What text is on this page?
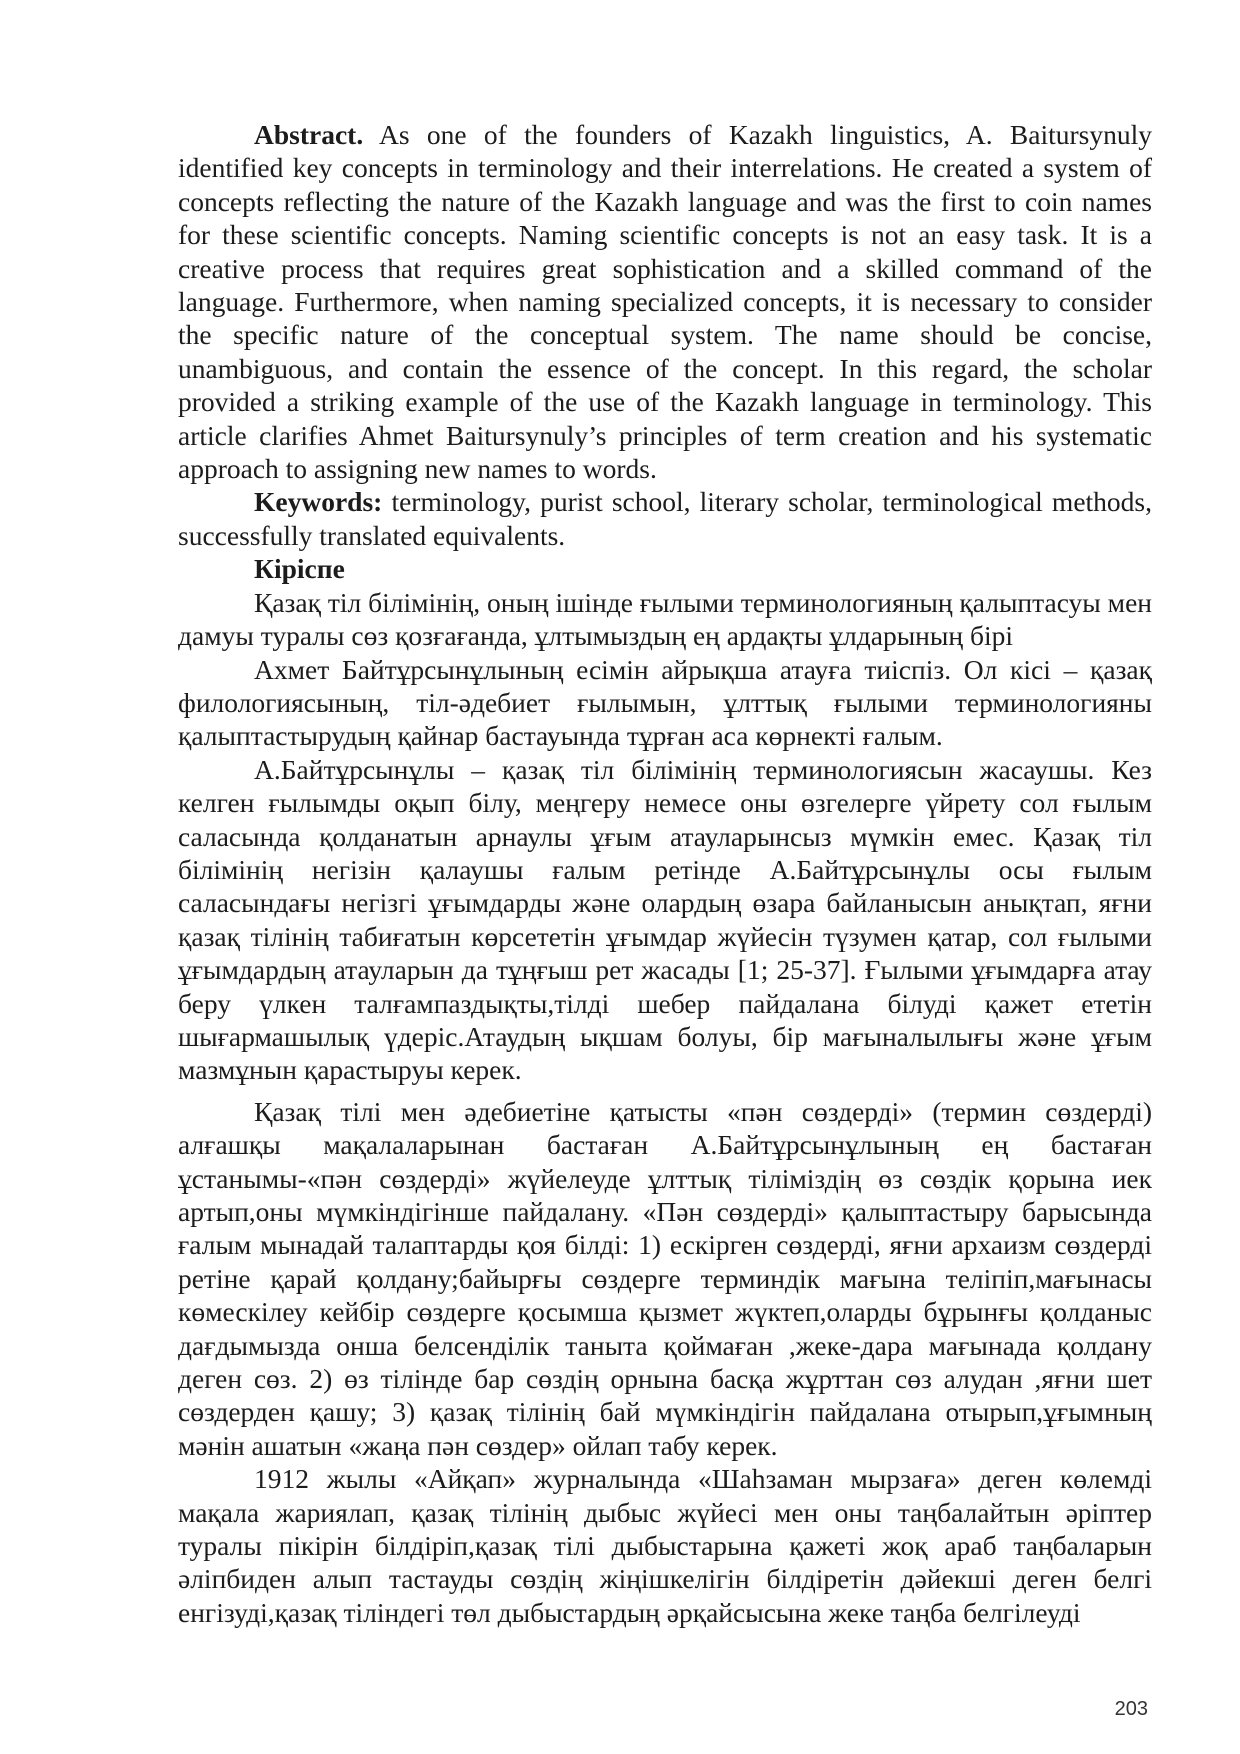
Abstract. As one of the founders of Kazakh linguistics, A. Baitursynuly identified key concepts in terminology and their interrelations. He created a system of concepts reflecting the nature of the Kazakh language and was the first to coin names for these scientific concepts. Naming scientific concepts is not an easy task. It is a creative process that requires great sophistication and a skilled command of the language. Furthermore, when naming specialized concepts, it is necessary to consider the specific nature of the conceptual system. The name should be concise, unambiguous, and contain the essence of the concept. In this regard, the scholar provided a striking example of the use of the Kazakh language in terminology. This article clarifies Ahmet Baitursynuly’s principles of term creation and his systematic approach to assigning new names to words.

Keywords: terminology, purist school, literary scholar, terminological methods, successfully translated equivalents.

Кіріспе

Қазақ тіл білімінің, оның ішінде ғылыми терминологияның қалыптасуы мен дамуы туралы сөз қозғағанда, ұлтымыздың ең ардақты ұлдарының бірі

Ахмет Байтұрсынұлының есімін айрықша атауға тиіспіз. Ол кісі – қазақ филологиясының, тіл-әдебиет ғылымын, ұлттық ғылыми терминологияны қалыптастырудың қайнар бастауында тұрған аса көрнекті ғалым.

А.Байтұрсынұлы – қазақ тіл білімінің терминологиясын жасаушы. Кез келген ғылымды оқып білу, меңгеру немесе оны өзгелерге үйрету сол ғылым саласында қолданатын арнаулы ұғым атауларынсыз мүмкін емес. Қазақ тіл білімінің негізін қалаушы ғалым ретінде А.Байтұрсынұлы осы ғылым саласындағы негізгі ұғымдарды және олардың өзара байланысын анықтап, яғни қазақ тілінің табиғатын көрсететін ұғымдар жүйесін түзумен қатар, сол ғылыми ұғымдардың атауларын да тұңғыш рет жасады [1; 25-37]. Ғылыми ұғымдарға атау беру үлкен талғампаздықты,тілді шебер пайдалана білуді қажет ететін шығармашылық үдеріс.Атаудың ықшам болуы, бір мағыналылығы және ұғым мазмұнын қарастыруы керек.

Қазақ тілі мен әдебиетіне қатысты «пән сөздерді» (термин сөздерді) алғашқы мақалаларынан бастаған А.Байтұрсынұлының ең бастаған ұстанымы-«пән сөздерді» жүйелеуде ұлттық тіліміздің өз сөздік қорына иек артып,оны мүмкіндігінше пайдалану. «Пән сөздерді» қалыптастыру барысында ғалым мынадай талаптарды қоя білді: 1) ескірген сөздерді, яғни архаизм сөздерді ретіне қарай қолдану;байырғы сөздерге терминдік мағына теліпіп,мағынасы көмескілеу кейбір сөздерге қосымша қызмет жүктеп,оларды бұрынғы қолданыс дағдымызда онша белсенділік таныта қоймаған ,жеке-дара мағынада қолдану деген сөз. 2) өз тілінде бар сөздің орнына басқа жұрттан сөз алудан ,яғни шет сөздерден қашу; 3) қазақ тілінің бай мүмкіндігін пайдалана отырып,ұғымның мәнін ашатын «жаңа пән сөздер» ойлап табу керек.

1912 жылы «Айқап» журналында «Шаһзаман мырзаға» деген көлемді мақала жариялап, қазақ тілінің дыбыс жүйесі мен оны таңбалайтын әріптер туралы пікірін білдіріп,қазақ тілі дыбыстарына қажеті жоқ араб таңбаларын әліпбиден алып тастауды сөздің жіңішкелігін білдіретін дәйекші деген белгі енгізуді,қазақ тіліндегі төл дыбыстардың әрқайсысына жеке таңба белгілеуді

203
